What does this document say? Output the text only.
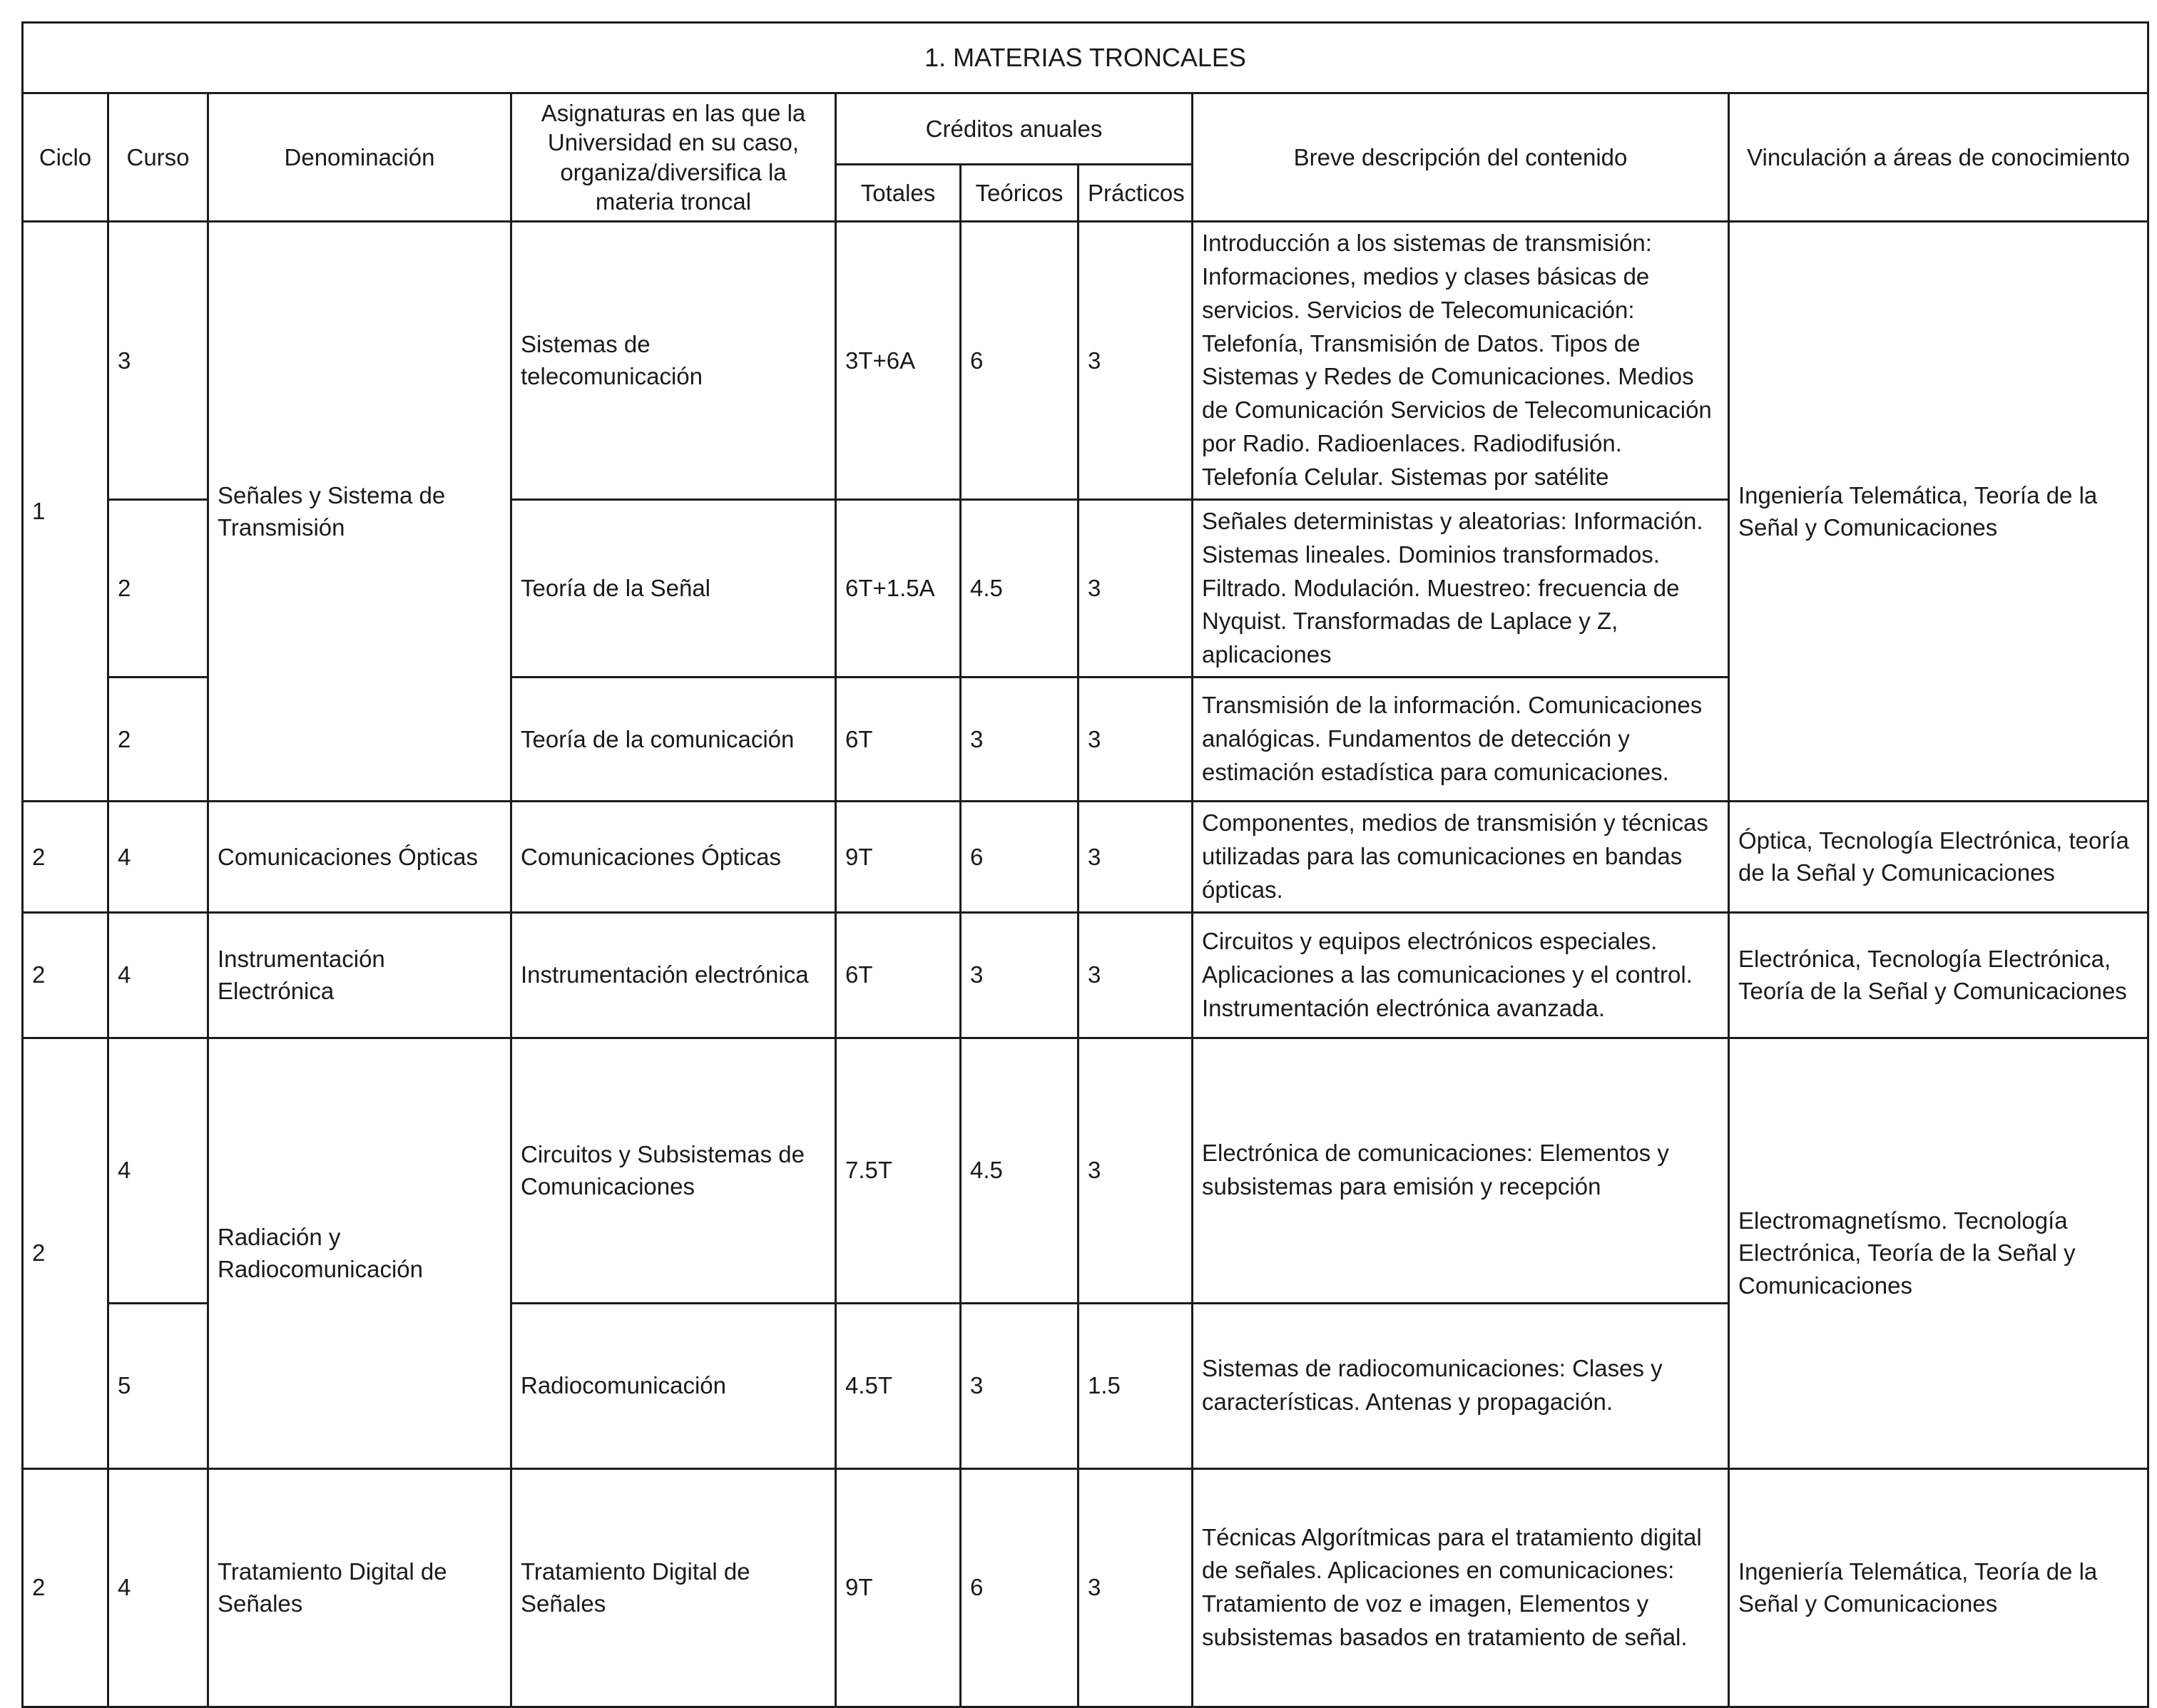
1. MATERIAS TRONCALES								
Ciclo	Curso	Denominación	Asignaturas en las que la Universidad en su caso, organiza/diversifica la materia troncal	Créditos anuales			Breve descripción del contenido	Vinculación a áreas de conocimiento
				Totales	Teóricos	Prácticos		
1	3	Señales y Sistema de Transmisión	Sistemas de telecomunicación	3T+6A	6	3	Introducción a los sistemas de transmisión: Informaciones, medios y clases básicas de servicios. Servicios de Telecomunicación: Telefonía, Transmisión de Datos. Tipos de Sistemas y Redes de Comunicaciones. Medios de Comunicación Servicios de Telecomunicación por Radio. Radioenlaces. Radiodifusión. Telefonía Celular. Sistemas por satélite	Ingeniería Telemática, Teoría de la Señal y Comunicaciones
	2		Teoría de la Señal	6T+1.5A	4.5	3	Señales deterministas y aleatorias: Información. Sistemas lineales. Dominios transformados. Filtrado. Modulación. Muestreo: frecuencia de Nyquist. Transformadas de Laplace y Z, aplicaciones	
	2		Teoría de la comunicación	6T	3	3	Transmisión de la información. Comunicaciones analógicas. Fundamentos de detección y estimación estadística para comunicaciones.	
2	4	Comunicaciones Ópticas	Comunicaciones Ópticas	9T	6	3	Componentes, medios de transmisión y técnicas utilizadas para las comunicaciones en bandas ópticas.	Óptica, Tecnología Electrónica, teoría de la Señal y Comunicaciones
2	4	Instrumentación Electrónica	Instrumentación electrónica	6T	3	3	Circuitos y equipos electrónicos especiales. Aplicaciones a las comunicaciones y el control. Instrumentación electrónica avanzada.	Electrónica, Tecnología Electrónica, Teoría de la Señal y Comunicaciones
2	4	Radiación y Radiocomunicación	Circuitos y Subsistemas de Comunicaciones	7.5T	4.5	3	Electrónica de comunicaciones: Elementos y subsistemas para emisión y recepción	Electromagnetísmo. Tecnología Electrónica, Teoría de la Señal y Comunicaciones
	5		Radiocomunicación	4.5T	3	1.5	Sistemas de radiocomunicaciones: Clases y características. Antenas y propagación.	
2	4	Tratamiento Digital de Señales	Tratamiento Digital de Señales	9T	6	3	Técnicas Algorítmicas para el tratamiento digital de señales. Aplicaciones en comunicaciones: Tratamiento de voz e imagen, Elementos y subsistemas basados en tratamiento de señal.	Ingeniería Telemática, Teoría de la Señal y Comunicaciones
